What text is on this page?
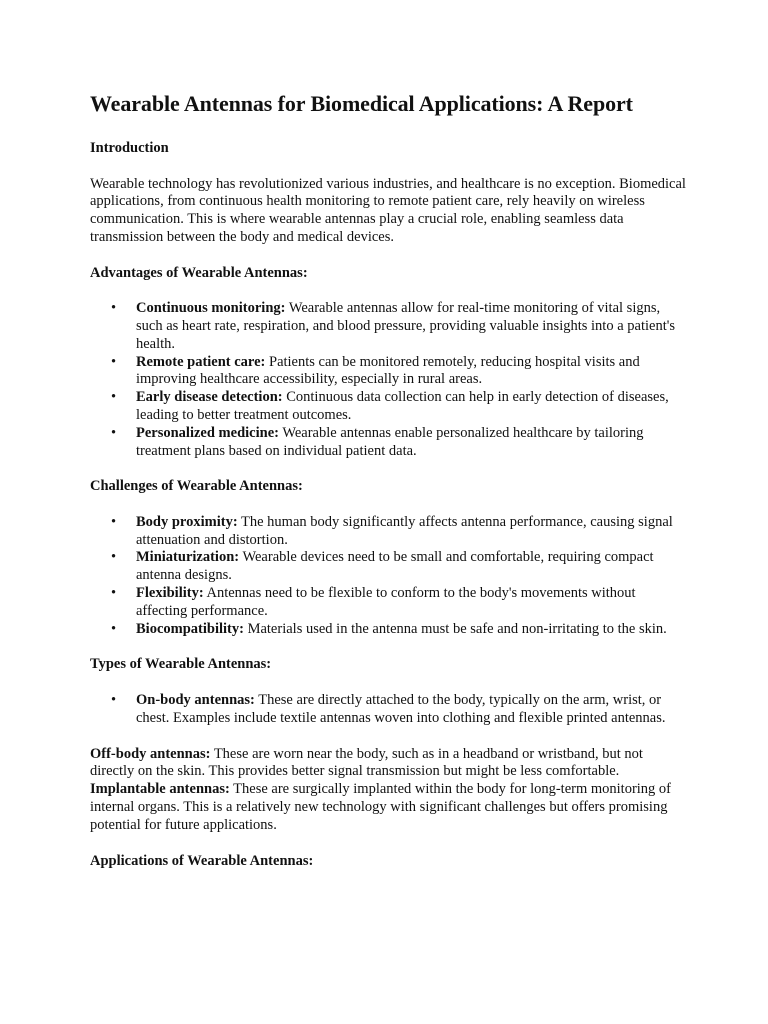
Wearable Antennas for Biomedical Applications: A Report
Introduction

Wearable technology has revolutionized various industries, and healthcare is no exception. Biomedical applications, from continuous health monitoring to remote patient care, rely heavily on wireless communication. This is where wearable antennas play a crucial role, enabling seamless data transmission between the body and medical devices.

Advantages of Wearable Antennas:
• Continuous monitoring: Wearable antennas allow for real-time monitoring of vital signs, such as heart rate, respiration, and blood pressure, providing valuable insights into a patient's health.
• Remote patient care: Patients can be monitored remotely, reducing hospital visits and improving healthcare accessibility, especially in rural areas.
• Early disease detection: Continuous data collection can help in early detection of diseases, leading to better treatment outcomes.
• Personalized medicine: Wearable antennas enable personalized healthcare by tailoring treatment plans based on individual patient data.
Challenges of Wearable Antennas:
• Body proximity: The human body significantly affects antenna performance, causing signal attenuation and distortion.
• Miniaturization: Wearable devices need to be small and comfortable, requiring compact antenna designs.
• Flexibility: Antennas need to be flexible to conform to the body's movements without affecting performance.
• Biocompatibility: Materials used in the antenna must be safe and non-irritating to the skin.
Types of Wearable Antennas:
• On-body antennas: These are directly attached to the body, typically on the arm, wrist, or chest. Examples include textile antennas woven into clothing and flexible printed antennas.

Off-body antennas: These are worn near the body, such as in a headband or wristband, but not directly on the skin. This provides better signal transmission but might be less comfortable.

Implantable antennas: These are surgically implanted within the body for long-term monitoring of internal organs. This is a relatively new technology with significant challenges but offers promising potential for future applications.

Applications of Wearable Antennas:
